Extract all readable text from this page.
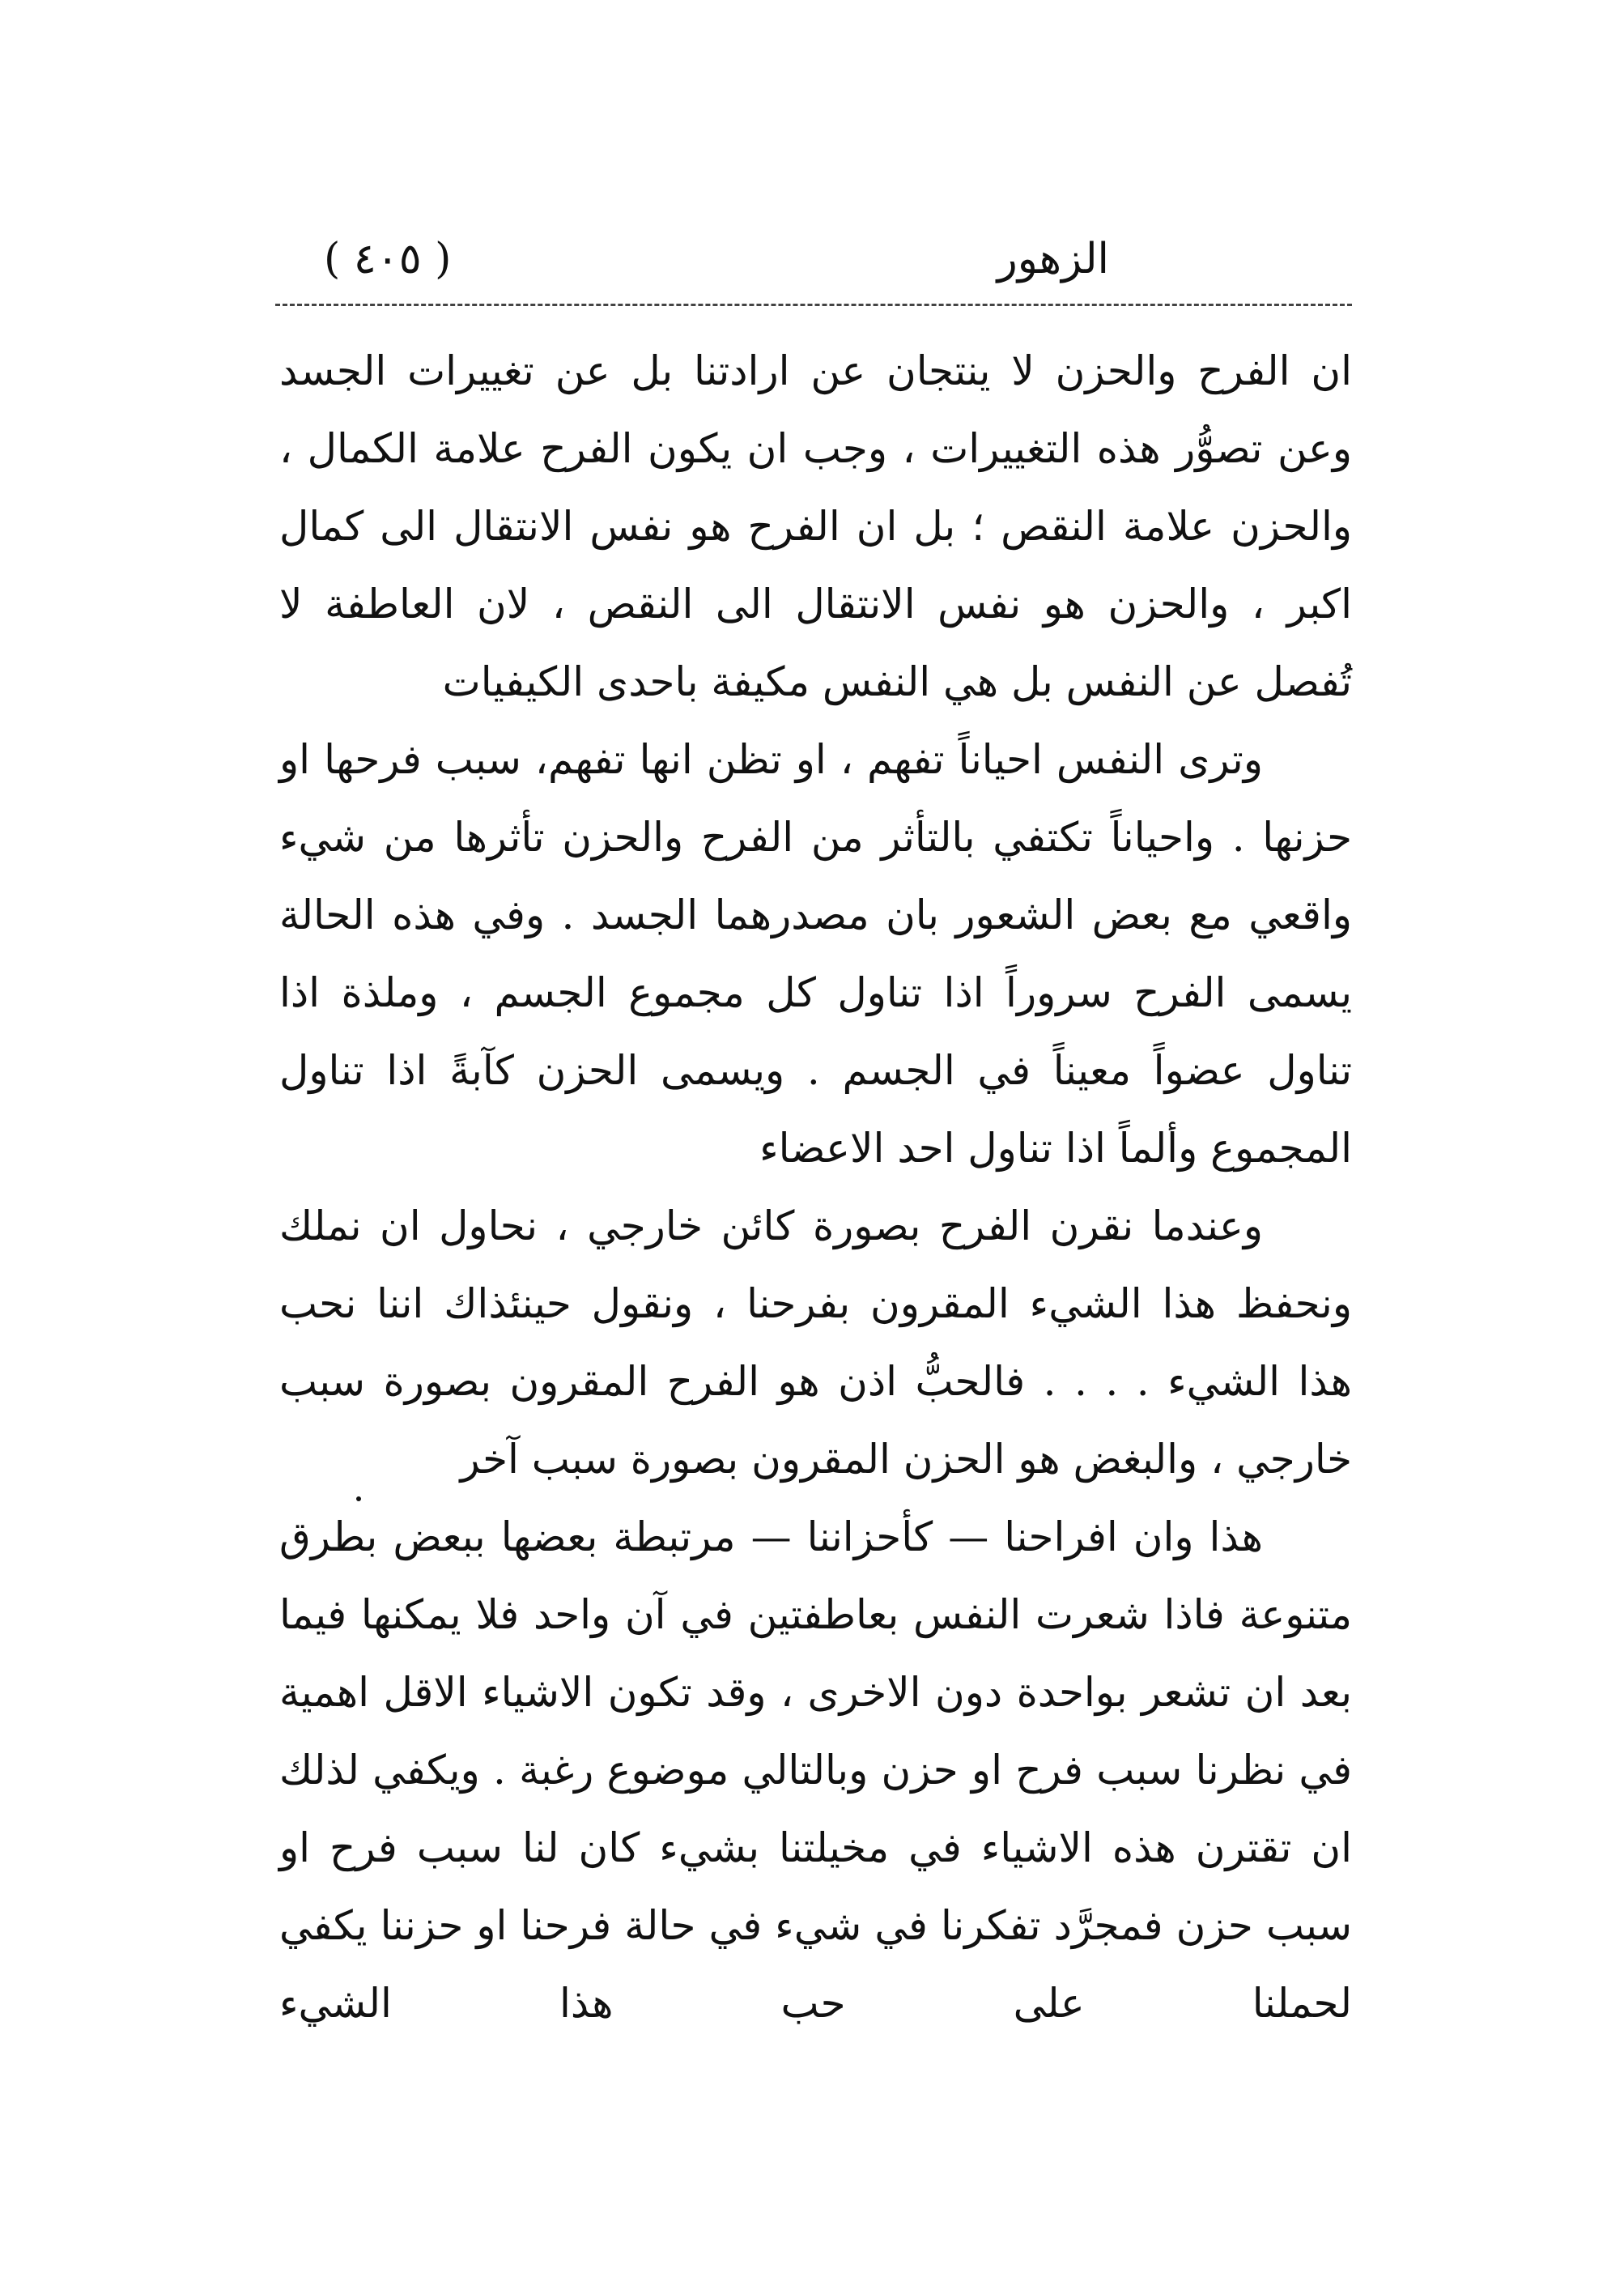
الزهور
( ٤٠٥ )

ان الفرح والحزن لا ينتجان عن ارادتنا بل عن تغييرات الجسد وعن تصوُّر هذه التغييرات ، وجب ان يكون الفرح علامة الكمال ، والحزن علامة النقص ؛ بل ان الفرح هو نفس الانتقال الى كمال اكبر ، والحزن هو نفس الانتقال الى النقص ، لان العاطفة لا تُفصل عن النفس بل هي النفس مكيفة باحدى الكيفيات

وترى النفس احياناً تفهم ، او تظن انها تفهم، سبب فرحها او حزنها . واحياناً تكتفي بالتأثر من الفرح والحزن تأثرها من شيء واقعي مع بعض الشعور بان مصدرهما الجسد . وفي هذه الحالة يسمى الفرح سروراً اذا تناول كل مجموع الجسم ، وملذة اذا تناول عضواً معيناً في الجسم . ويسمى الحزن كآبةً اذا تناول المجموع وألماً اذا تناول احد الاعضاء

وعندما نقرن الفرح بصورة كائن خارجي ، نحاول ان نملك ونحفظ هذا الشيء المقرون بفرحنا ، ونقول حينئذاك اننا نحب هذا الشيء . . . . فالحبُّ اذن هو الفرح المقرون بصورة سبب خارجي ، والبغض هو الحزن المقرون بصورة سبب آخر

هذا وان افراحنا — كأحزاننا — مرتبطة بعضها ببعض بطرق متنوعة فاذا شعرت النفس بعاطفتين في آن واحد فلا يمكنها فيما بعد ان تشعر بواحدة دون الاخرى ، وقد تكون الاشياء الاقل اهمية في نظرنا سبب فرح او حزن وبالتالي موضوع رغبة . ويكفي لذلك ان تقترن هذه الاشياء في مخيلتنا بشيء كان لنا سبب فرح او سبب حزن فمجرَّد تفكرنا في شيء في حالة فرحنا او حزننا يكفي لحملنا على حب هذا الشيء
